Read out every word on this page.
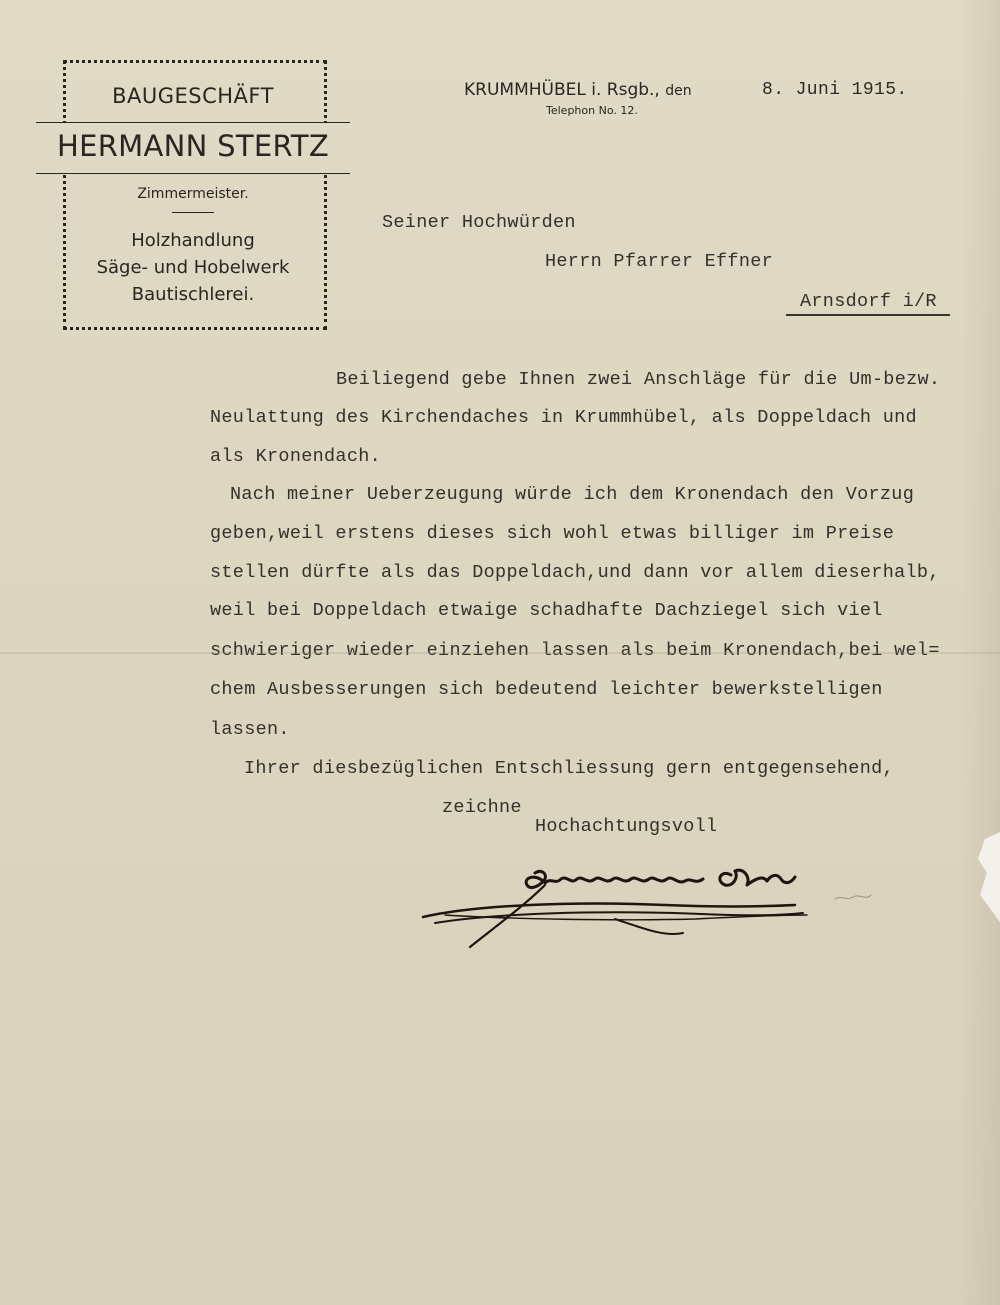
BAUGESCHÄFT
HERMANN STERTZ
Zimmermeister.
Holzhandlung
Säge- und Hobelwerk
Bautischlerei.
KRUMMHÜBEL i. Rsgb., den	8. Juni 1915.
Telephon No. 12.
Seiner Hochwürden
Herrn Pfarrer Effner
Arnsdorf i/R
Beiliegend gebe Ihnen zwei Anschläge für die Um-bezw.
Neulattung des Kirchendaches in Krummhübel, als Doppeldach und
als Kronendach.
Nach meiner Ueberzeugung würde ich dem Kronendach den Vorzug
geben,weil erstens dieses sich wohl etwas billiger im Preise
stellen dürfte als das Doppeldach,und dann vor allem dieserhalb,
weil bei Doppeldach etwaige schadhafte Dachziegel sich viel
schwieriger wieder einziehen lassen als beim Kronendach,bei wel=
chem Ausbesserungen sich bedeutend leichter bewerkstelligen
lassen.
Ihrer diesbezüglichen Entschliessung gern entgegensehend,
zeichne
Hochachtungsvoll
